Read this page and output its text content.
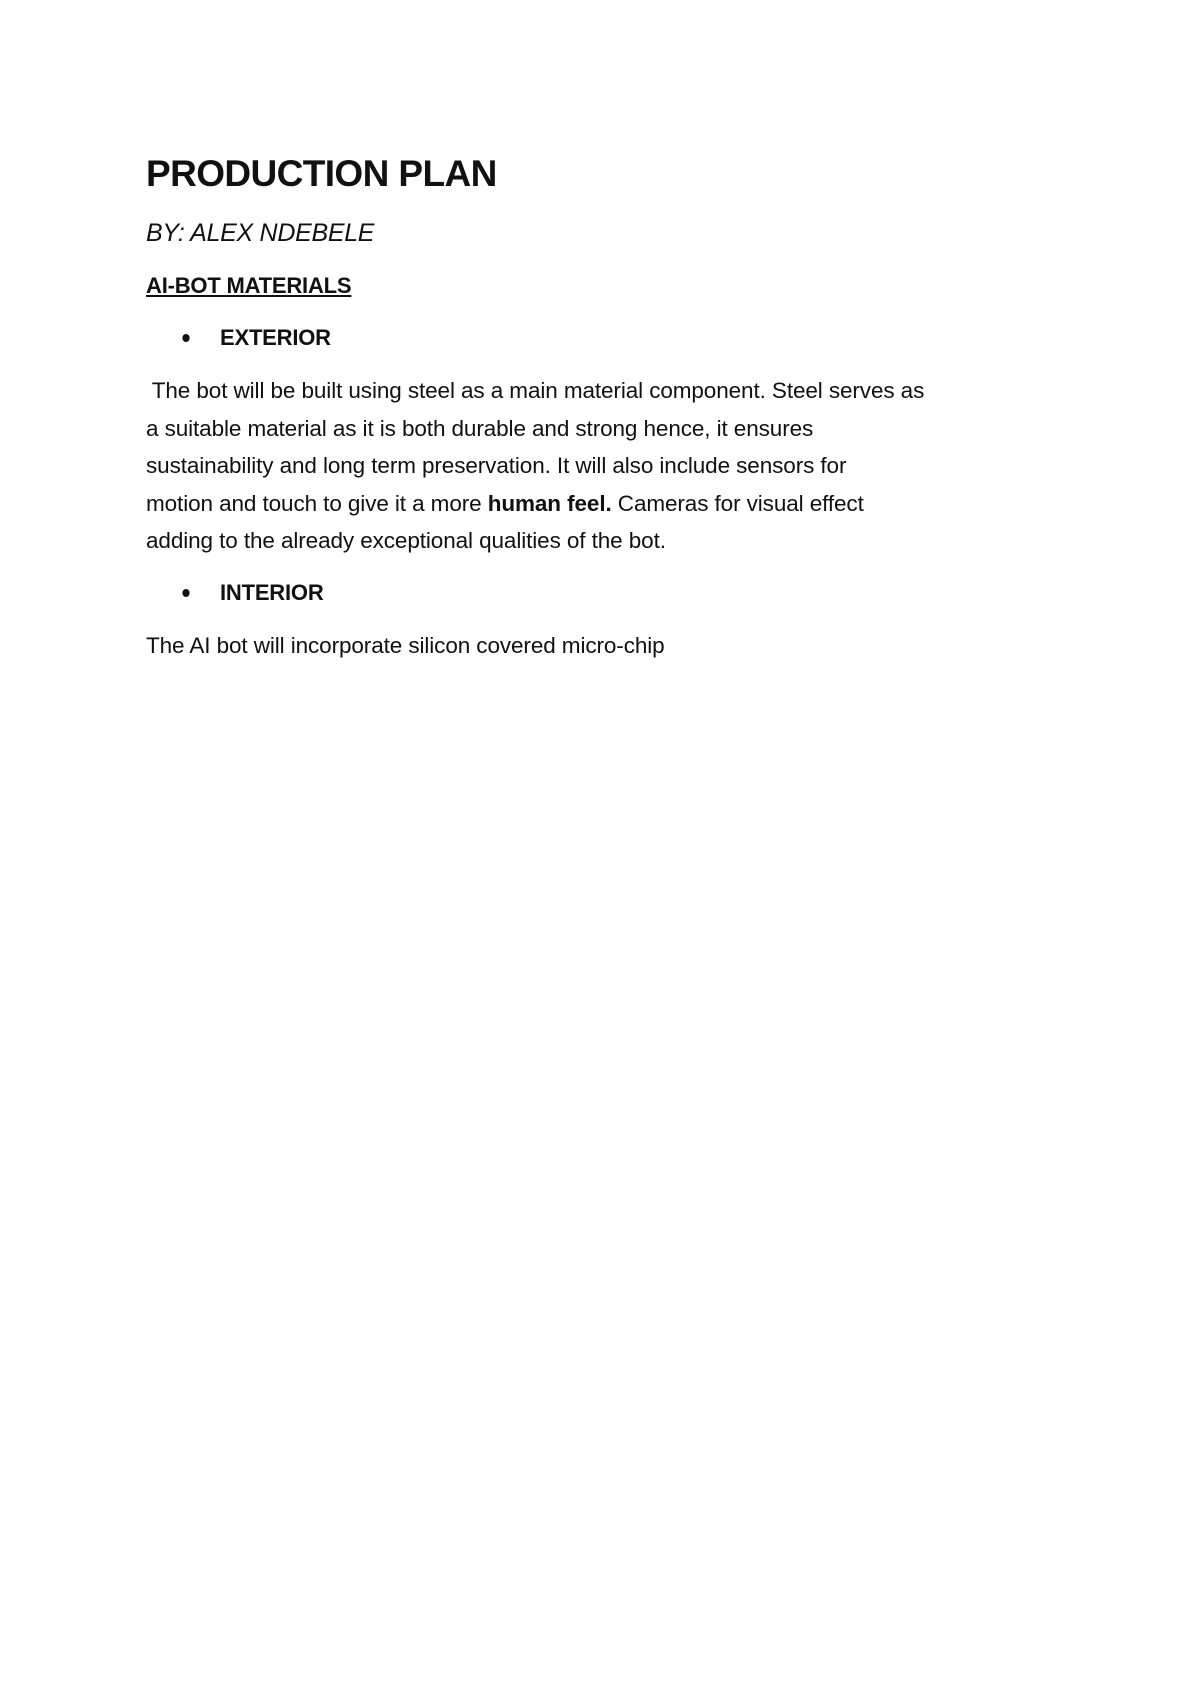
PRODUCTION PLAN

BY: ALEX NDEBELE

AI-BOT MATERIALS

EXTERIOR
The bot will be built using steel as a main material component. Steel serves as
a suitable material as it is both durable and strong hence, it ensures
sustainability and long term preservation. It will also include sensors for
motion and touch to give it a more human feel. Cameras for visual effect
adding to the already exceptional qualities of the bot.
INTERIOR

The AI bot will incorporate silicon covered micro-chip
